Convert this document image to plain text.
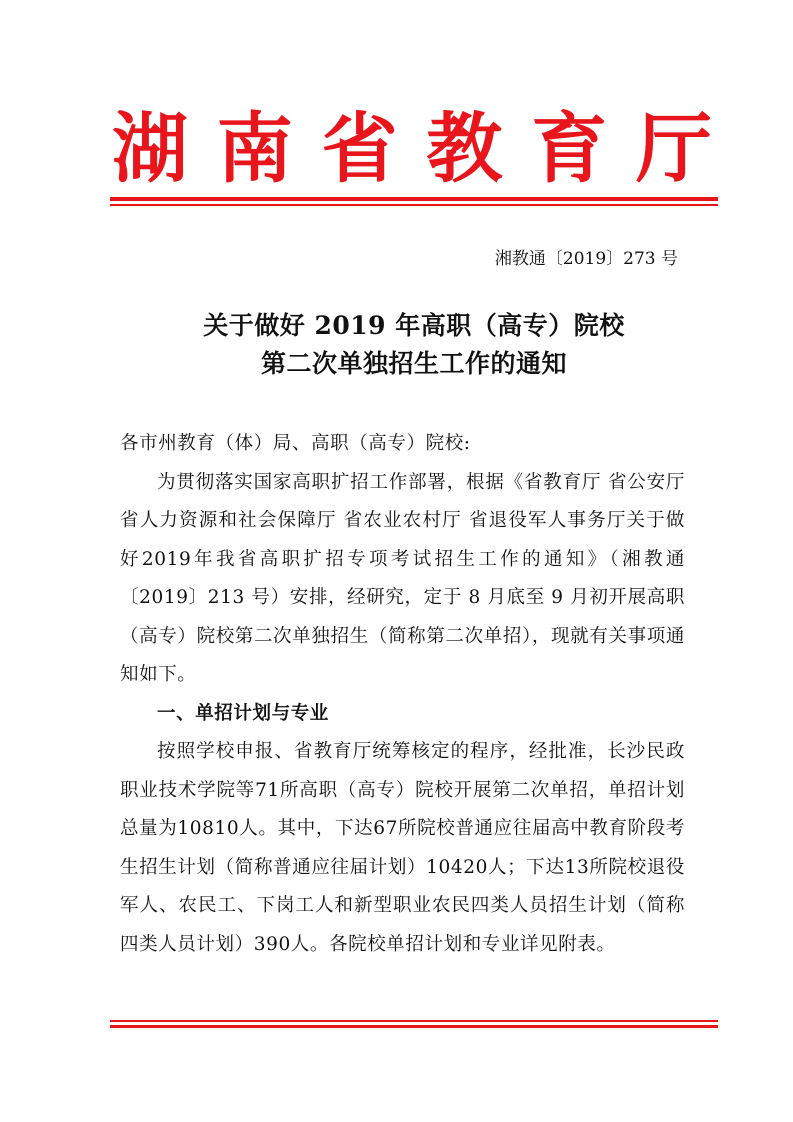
湖 南 省 教 育 厅
湘教通〔2019〕273 号
关于做好 2019 年高职（高专）院校
第二次单独招生工作的通知

各市州教育（体）局、高职（高专）院校:

为贯彻落实国家高职扩招工作部署，根据《省教育厅 省公安厅 省人力资源和社会保障厅 省农业农村厅 省退役军人事务厅关于做好2019年我省高职扩招专项考试招生工作的通知》（湘教通〔2019〕213 号）安排，经研究，定于 8 月底至 9 月初开展高职（高专）院校第二次单独招生（简称第二次单招），现就有关事项通知如下。

一、单招计划与专业

按照学校申报、省教育厅统筹核定的程序，经批准，长沙民政职业技术学院等71所高职（高专）院校开展第二次单招，单招计划总量为10810人。其中，下达67所院校普通应往届高中教育阶段考生招生计划（简称普通应往届计划）10420人；下达13所院校退役军人、农民工、下岗工人和新型职业农民四类人员招生计划（简称四类人员计划）390人。各院校单招计划和专业详见附表。
